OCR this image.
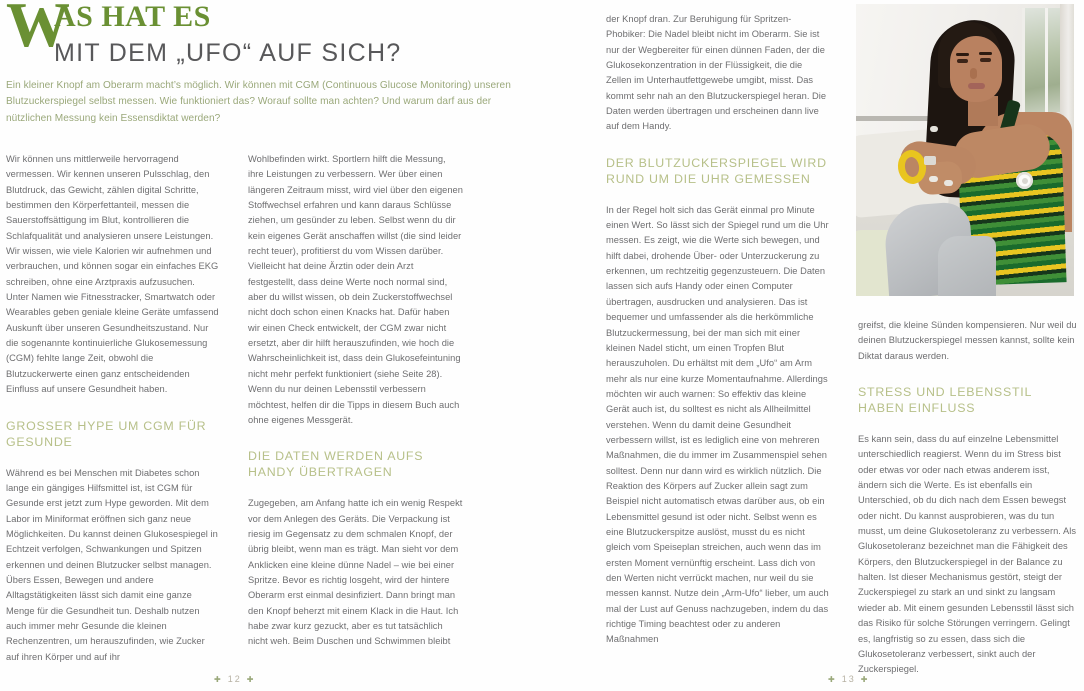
W
AS HAT ES
MIT DEM „UFO“ AUF SICH?
Ein kleiner Knopf am Oberarm macht’s möglich. Wir können mit CGM (Continuous Glucose Monitoring) unseren Blutzuckerspiegel selbst messen. Wie funktioniert das? Worauf sollte man achten? Und warum darf aus der nützlichen Messung kein Essensdiktat werden?

Wir können uns mittlerweile hervorragend vermessen. Wir kennen unseren Pulsschlag, den Blutdruck, das Gewicht, zählen digital Schritte, bestimmen den Körperfettanteil, messen die Sauerstoffsättigung im Blut, kontrollieren die Schlafqualität und analysieren unsere Leistungen. Wir wissen, wie viele Kalorien wir aufnehmen und verbrauchen, und können sogar ein einfaches EKG schreiben, ohne eine Arztpraxis aufzusuchen. Unter Namen wie Fitnesstracker, Smartwatch oder Wearables geben geniale kleine Geräte umfassend Auskunft über unseren Gesundheitszustand. Nur die sogenannte kontinuierliche Glukosemessung (CGM) fehlte lange Zeit, obwohl die Blutzuckerwerte einen ganz entscheidenden Einfluss auf unsere Gesundheit haben.

GROSSER HYPE UM CGM FÜR GESUNDE

Während es bei Menschen mit Diabetes schon lange ein gängiges Hilfsmittel ist, ist CGM für Gesunde erst jetzt zum Hype geworden. Mit dem Labor im Miniformat eröffnen sich ganz neue Möglichkeiten. Du kannst deinen Glukosespiegel in Echtzeit verfolgen, Schwankungen und Spitzen erkennen und deinen Blutzucker selbst managen. Übers Essen, Bewegen und andere Alltagstätigkeiten lässt sich damit eine ganze Menge für die Gesundheit tun. Deshalb nutzen auch immer mehr Gesunde die kleinen Rechenzentren, um herauszufinden, wie Zucker auf ihren Körper und auf ihr

Wohlbefinden wirkt. Sportlern hilft die Messung, ihre Leistungen zu verbessern. Wer über einen längeren Zeitraum misst, wird viel über den eigenen Stoffwechsel erfahren und kann daraus Schlüsse ziehen, um gesünder zu leben. Selbst wenn du dir kein eigenes Gerät anschaffen willst (die sind leider recht teuer), profitierst du vom Wissen darüber. Vielleicht hat deine Ärztin oder dein Arzt festgestellt, dass deine Werte noch normal sind, aber du willst wissen, ob dein Zuckerstoffwechsel nicht doch schon einen Knacks hat. Dafür haben wir einen Check entwickelt, der CGM zwar nicht ersetzt, aber dir hilft herauszufinden, wie hoch die Wahrscheinlichkeit ist, dass dein Glukosefeintuning nicht mehr perfekt funktioniert (siehe Seite 28). Wenn du nur deinen Lebensstil verbessern möchtest, helfen dir die Tipps in diesem Buch auch ohne eigenes Messgerät.

DIE DATEN WERDEN AUFS HANDY ÜBERTRAGEN

Zugegeben, am Anfang hatte ich ein wenig Respekt vor dem Anlegen des Geräts. Die Verpackung ist riesig im Gegensatz zu dem schmalen Knopf, der übrig bleibt, wenn man es trägt. Man sieht vor dem Anklicken eine kleine dünne Nadel – wie bei einer Spritze. Bevor es richtig losgeht, wird der hintere Oberarm erst einmal desinfiziert. Dann bringt man den Knopf beherzt mit einem Klack in die Haut. Ich habe zwar kurz gezuckt, aber es tut tatsächlich nicht weh. Beim Duschen und Schwimmen bleibt

der Knopf dran. Zur Beruhigung für Spritzen-Phobiker: Die Nadel bleibt nicht im Oberarm. Sie ist nur der Wegbereiter für einen dünnen Faden, der die Glukosekonzentration in der Flüssigkeit, die die Zellen im Unterhautfettgewebe umgibt, misst. Das kommt sehr nah an den Blutzuckerspiegel heran. Die Daten werden übertragen und erscheinen dann live auf dem Handy.

DER BLUTZUCKERSPIEGEL WIRD RUND UM DIE UHR GEMESSEN

In der Regel holt sich das Gerät einmal pro Minute einen Wert. So lässt sich der Spiegel rund um die Uhr messen. Es zeigt, wie die Werte sich bewegen, und hilft dabei, drohende Über- oder Unterzuckerung zu erkennen, um rechtzeitig gegenzusteuern. Die Daten lassen sich aufs Handy oder einen Computer übertragen, ausdrucken und analysieren. Das ist bequemer und umfassender als die herkömmliche Blutzuckermessung, bei der man sich mit einer kleinen Nadel sticht, um einen Tropfen Blut herauszuholen. Du erhältst mit dem „Ufo“ am Arm mehr als nur eine kurze Momentaufnahme. Allerdings möchten wir auch warnen: So effektiv das kleine Gerät auch ist, du solltest es nicht als Allheilmittel verstehen. Wenn du damit deine Gesundheit verbessern willst, ist es lediglich eine von mehreren Maßnahmen, die du immer im Zusammenspiel sehen solltest. Denn nur dann wird es wirklich nützlich. Die Reaktion des Körpers auf Zucker allein sagt zum Beispiel nicht automatisch etwas darüber aus, ob ein Lebensmittel gesund ist oder nicht. Selbst wenn es eine Blutzuckerspitze auslöst, musst du es nicht gleich vom Speiseplan streichen, auch wenn das im ersten Moment vernünftig erscheint. Lass dich von den Werten nicht verrückt machen, nur weil du sie messen kannst. Nutze dein „Arm-Ufo“ lieber, um auch mal der Lust auf Genuss nachzugeben, indem du das richtige Timing beachtest oder zu anderen Maßnahmen

greifst, die kleine Sünden kompensieren. Nur weil du deinen Blutzuckerspiegel messen kannst, sollte kein Diktat daraus werden.

STRESS UND LEBENSSTIL HABEN EINFLUSS

Es kann sein, dass du auf einzelne Lebensmittel unterschiedlich reagierst. Wenn du im Stress bist oder etwas vor oder nach etwas anderem isst, ändern sich die Werte. Es ist ebenfalls ein Unterschied, ob du dich nach dem Essen bewegst oder nicht. Du kannst ausprobieren, was du tun musst, um deine Glukosetoleranz zu verbessern. Als Glukosetoleranz bezeichnet man die Fähigkeit des Körpers, den Blutzuckerspiegel in der Balance zu halten. Ist dieser Mechanismus gestört, steigt der Zuckerspiegel zu stark an und sinkt zu langsam wieder ab. Mit einem gesunden Lebensstil lässt sich das Risiko für solche Störungen verringern. Gelingt es, langfristig so zu essen, dass sich die Glukosetoleranz verbessert, sinkt auch der Zuckerspiegel.

✚ 12 ✚	✚ 13 ✚
